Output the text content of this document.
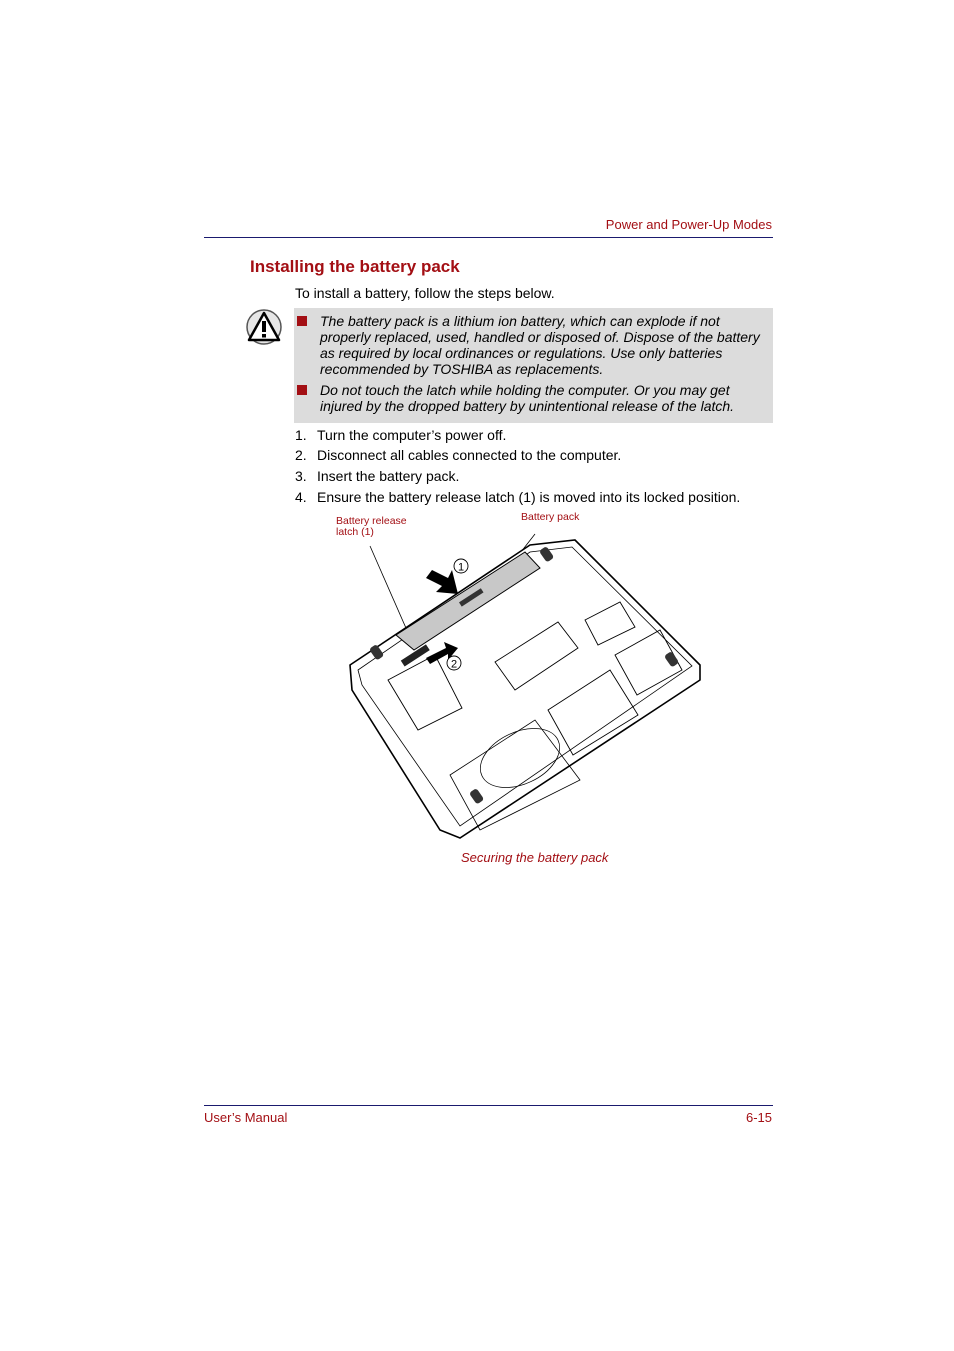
Power and Power-Up Modes
Installing the battery pack
To install a battery, follow the steps below.
The battery pack is a lithium ion battery, which can explode if not properly replaced, used, handled or disposed of. Dispose of the battery as required by local ordinances or regulations. Use only batteries recommended by TOSHIBA as replacements.
Do not touch the latch while holding the computer. Or you may get injured by the dropped battery by unintentional release of the latch.
1. Turn the computer’s power off.
2. Disconnect all cables connected to the computer.
3. Insert the battery pack.
4. Ensure the battery release latch (1) is moved into its locked position.
Battery release
latch (1)
Battery pack
1
2
Securing the battery pack
User’s Manual	6-15
